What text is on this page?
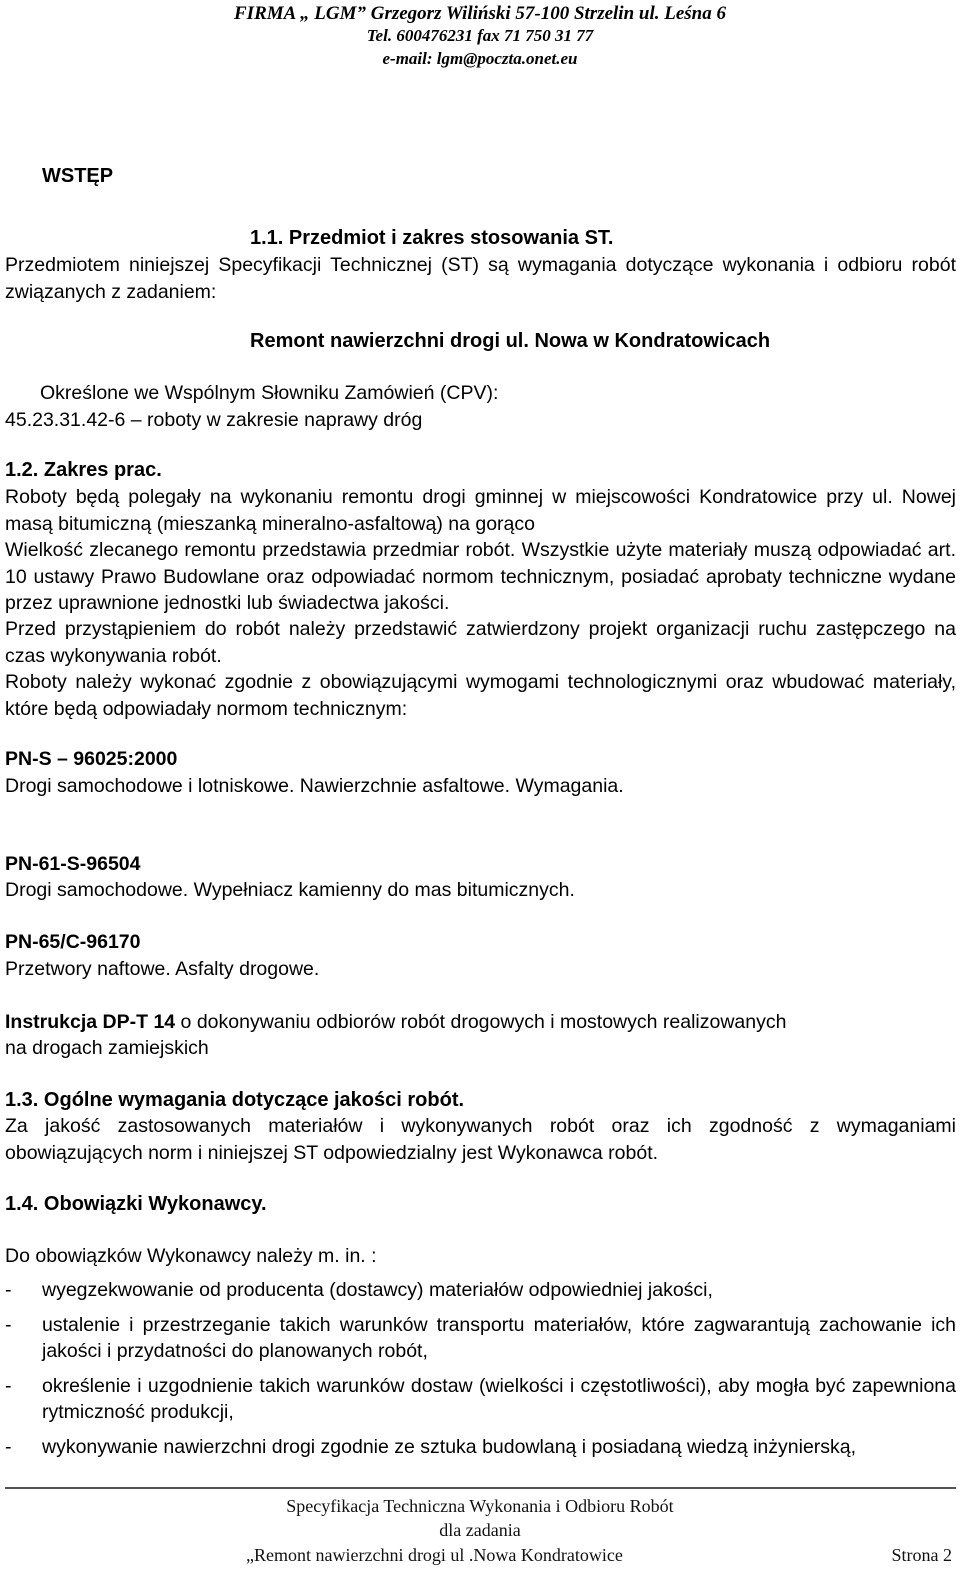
FIRMA „ LGM” Grzegorz Wiliński 57-100 Strzelin ul. Leśna 6
Tel. 600476231 fax 71 750 31 77
e-mail: lgm@poczta.onet.eu
WSTĘP
1.1. Przedmiot i zakres stosowania ST.
Przedmiotem niniejszej Specyfikacji Technicznej (ST) są wymagania dotyczące wykonania i odbioru robót związanych z zadaniem:
Remont nawierzchni drogi ul. Nowa w Kondratowicach
Określone we Wspólnym Słowniku Zamówień (CPV):
45.23.31.42-6 – roboty w zakresie naprawy dróg
1.2. Zakres prac.
Roboty będą polegały na wykonaniu remontu drogi gminnej w miejscowości Kondratowice przy ul. Nowej masą bitumiczną (mieszanką mineralno-asfaltową) na gorąco
Wielkość zlecanego remontu przedstawia przedmiar robót. Wszystkie użyte materiały muszą odpowiadać art. 10 ustawy Prawo Budowlane oraz odpowiadać normom technicznym, posiadać aprobaty techniczne wydane przez uprawnione jednostki lub świadectwa jakości.
Przed przystąpieniem do robót należy przedstawić zatwierdzony projekt organizacji ruchu zastępczego na czas wykonywania robót.
Roboty należy wykonać zgodnie z obowiązującymi wymogami technologicznymi oraz wbudować materiały, które będą odpowiadały normom technicznym:
PN-S – 96025:2000
Drogi samochodowe i lotniskowe. Nawierzchnie asfaltowe. Wymagania.
PN-61-S-96504
Drogi samochodowe. Wypełniacz kamienny do mas bitumicznych.
PN-65/C-96170
Przetwory naftowe. Asfalty drogowe.
Instrukcja DP-T 14 o dokonywaniu odbiorów robót drogowych i mostowych realizowanych
na drogach zamiejskich
1.3. Ogólne wymagania dotyczące jakości robót.
Za jakość zastosowanych materiałów i wykonywanych robót oraz ich zgodność z wymaganiami obowiązujących norm i niniejszej ST odpowiedzialny jest Wykonawca robót.
1.4. Obowiązki Wykonawcy.
Do obowiązków Wykonawcy należy m. in. :
- wyegzekwowanie od producenta (dostawcy) materiałów odpowiedniej jakości,
- ustalenie i przestrzeganie takich warunków transportu materiałów, które zagwarantują zachowanie ich jakości i przydatności do planowanych robót,
- określenie i uzgodnienie takich warunków dostaw (wielkości i częstotliwości), aby mogła być zapewniona rytmiczność produkcji,
- wykonywanie nawierzchni drogi zgodnie ze sztuka budowlaną i posiadaną wiedzą inżynierską,
Specyfikacja Techniczna Wykonania i Odbioru Robót
dla zadania
„Remont nawierzchni drogi ul .Nowa Kondratowice	Strona 2
